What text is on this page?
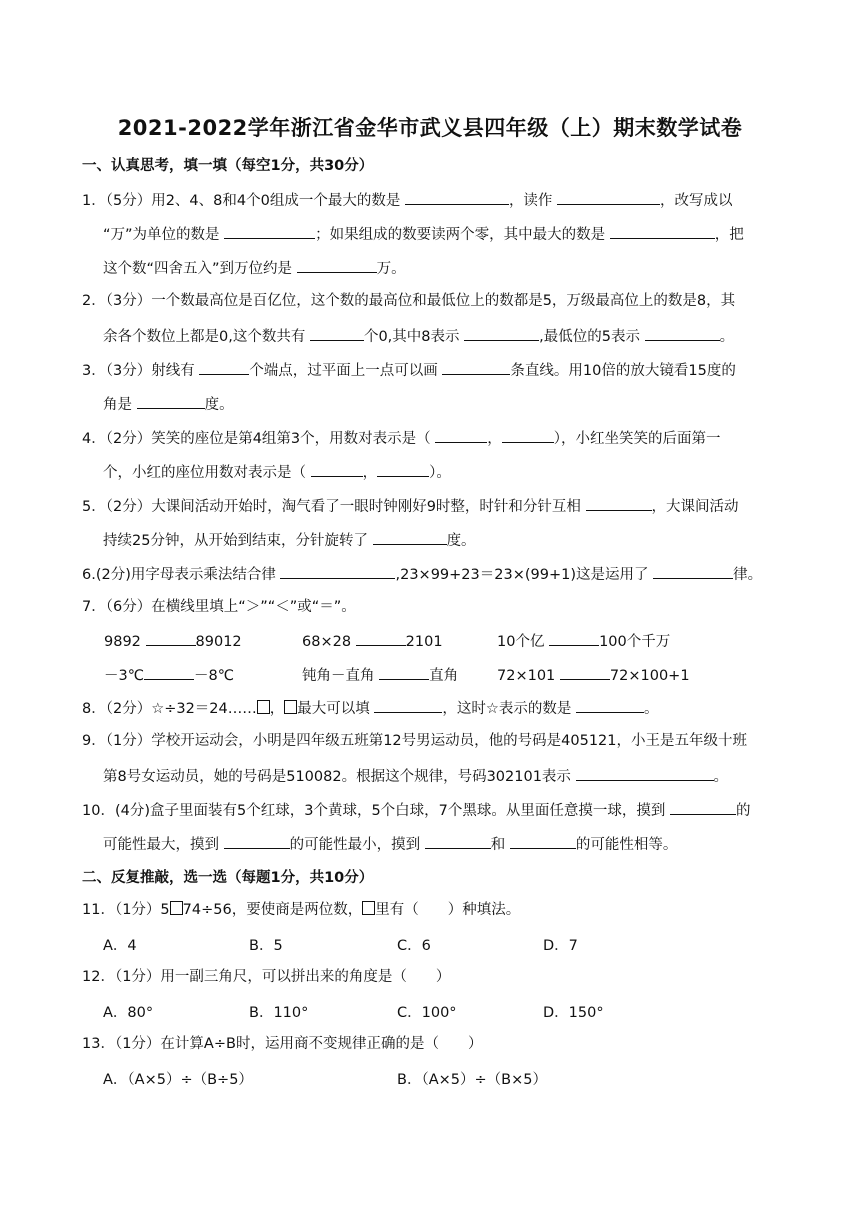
2021-2022学年浙江省金华市武义县四年级（上）期末数学试卷
一、认真思考，填一填（每空1分，共30分）
1．（5分）用2、4、8和4个0组成一个最大的数是	，读作	，改写成以
“万”为单位的数是	；如果组成的数要读两个零，其中最大的数是	，把
这个数“四舍五入”到万位约是	万。
2．（3分）一个数最高位是百亿位，这个数的最高位和最低位上的数都是5，万级最高位上的数是8，其
余各个数位上都是0,这个数共有	个0,其中8表示	,最低位的5表示	。
3．（3分）射线有	个端点，过平面上一点可以画	条直线。用10倍的放大镜看15度的
角是	度。
4．（2分）笑笑的座位是第4组第3个，用数对表示是（	，	），小红坐笑笑的后面第一
个，小红的座位用数对表示是（	，	）。
5．（2分）大课间活动开始时，淘气看了一眼时钟刚好9时整，时针和分针互相	，大课间活动
持续25分钟，从开始到结束，分针旋转了	度。
6.(2分)用字母表示乘法结合律	,23×99+23＝23×(99+1)这是运用了	律。
7．（6分）在横线里填上“＞”“＜”或“＝”。
9892	89012	68×28	2101	10个亿	100个千万
－3℃	－8℃	钝角－直角	直角	72×101	72×100+1
8．（2分）☆÷32＝24…… ， 最大可以填	，这时☆表示的数是	。
9．（1分）学校开运动会，小明是四年级五班第12号男运动员，他的号码是405121，小王是五年级十班
第8号女运动员，她的号码是510082。根据这个规律，号码302101表示	。
10．(4分)盒子里面装有5个红球，3个黄球，5个白球，7个黑球。从里面任意摸一球，摸到	的
可能性最大，摸到	的可能性最小，摸到	和	的可能性相等。
二、反复推敲，选一选（每题1分，共10分）
11．（1分）5 74÷56，要使商是两位数， 里有（　　）种填法。
A．4	B．5	C．6	D．7
12．（1分）用一副三角尺，可以拼出来的角度是（　　）
A．80°	B．110°	C．100°	D．150°
13．（1分）在计算A÷B时，运用商不变规律正确的是（　　）
A．（A×5）÷（B÷5）	B．（A×5）÷（B×5）
